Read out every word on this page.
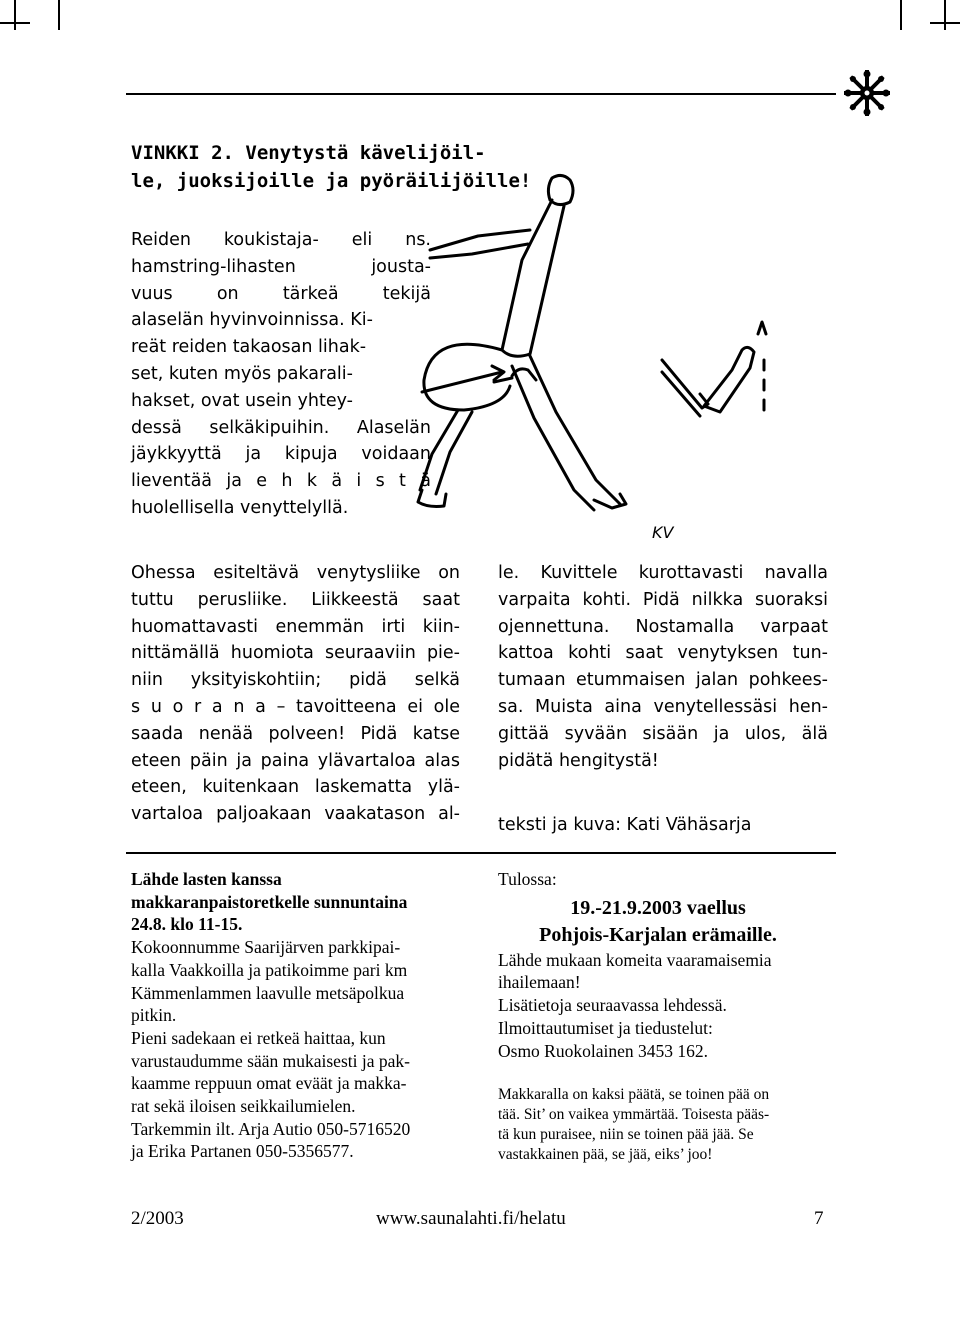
VINKKI 2. Venytystä kävelijöil-
le, juoksijoille ja pyöräilijöille!
Reiden koukistaja- eli ns.
hamstring-lihasten jousta-
vuus on tärkeä tekijä
alaselän hyvinvoinnissa. Ki-
reät reiden takaosan lihak-
set, kuten myös pakarali-
hakset, ovat usein yhtey-
dessä selkäkipuihin. Alaselän
jäykkyyttä ja kipuja voidaan
lieventää ja e h k ä i s t ä
huolellisella venyttelyllä.
KV
Ohessa esiteltävä venytysliike on
tuttu perusliike. Liikkeestä saat
huomattavasti enemmän irti kiin-
nittämällä huomiota seuraaviin pie-
niin yksityiskohtiin; pidä selkä
s u o r a n a – tavoitteena ei ole
saada nenää polveen! Pidä katse
eteen päin ja paina ylävartaloa alas
eteen, kuitenkaan laskematta ylä-
vartaloa paljoakaan vaakatason al-
le. Kuvittele kurottavasti navalla
varpaita kohti. Pidä nilkka suoraksi
ojennettuna. Nostamalla varpaat
kattoa kohti saat venytyksen tun-
tumaan etummaisen jalan pohkees-
sa. Muista aina venytellessäsi hen-
gittää syvään sisään ja ulos, älä
pidätä hengitystä!
teksti ja kuva: Kati Vähäsarja
Lähde lasten kanssa
makkaranpaistoretkelle sunnuntaina
24.8. klo 11-15.
Kokoonnumme Saarijärven parkkipai-
kalla Vaakkoilla ja patikoimme pari km
Kämmenlammen laavulle metsäpolkua
pitkin.
Pieni sadekaan ei retkeä haittaa, kun
varustaudumme sään mukaisesti ja pak-
kaamme reppuun omat eväät ja makka-
rat sekä iloisen seikkailumielen.
Tarkemmin ilt. Arja Autio 050-5716520
ja Erika Partanen 050-5356577.
Tulossa:
19.-21.9.2003 vaellus
Pohjois-Karjalan erämaille.
Lähde mukaan komeita vaaramaisemia
ihailemaan!
Lisätietoja seuraavassa lehdessä.
Ilmoittautumiset ja tiedustelut:
Osmo Ruokolainen 3453 162.
Makkaralla on kaksi päätä, se toinen pää on
tää. Sit’ on vaikea ymmärtää. Toisesta pääs-
tä kun puraisee, niin se toinen pää jää. Se
vastakkainen pää, se jää, eiks’ joo!
2/2003	www.saunalahti.fi/helatu	7
